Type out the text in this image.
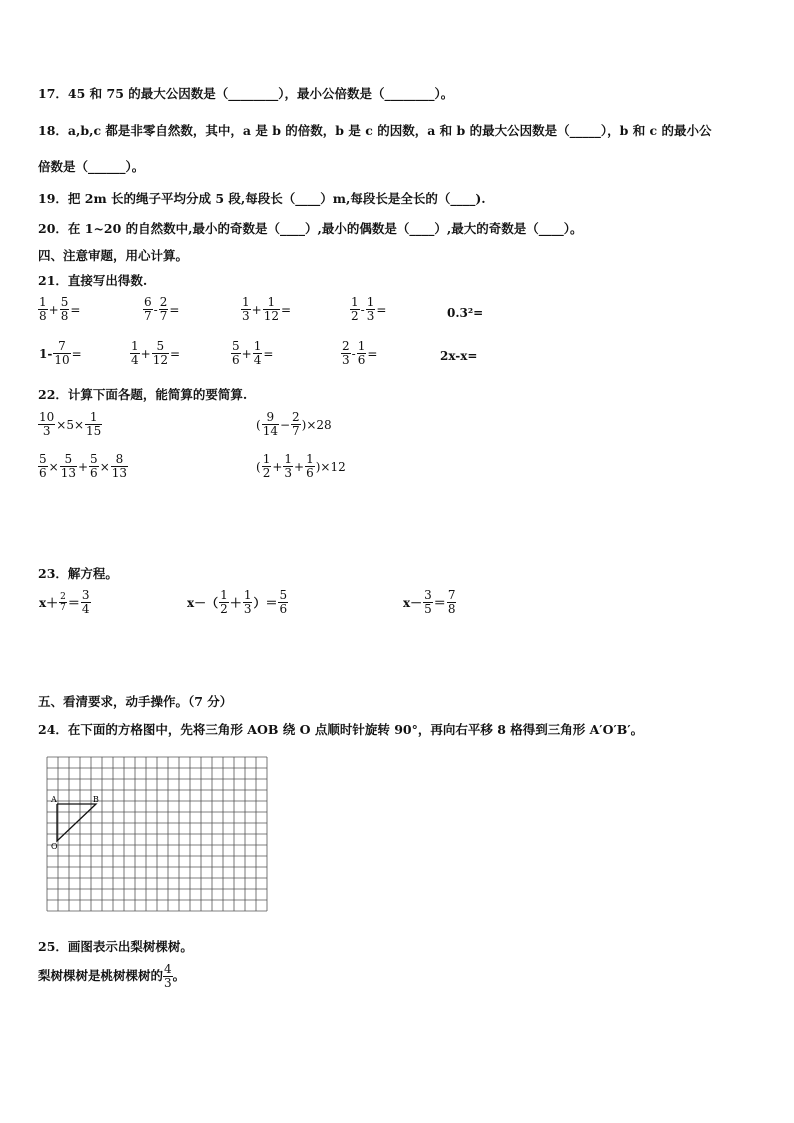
17．45 和 75 的最大公因数是（________），最小公倍数是（________）。
18．a,b,c 都是非零自然数，其中，a 是 b 的倍数，b 是 c 的因数，a 和 b 的最大公因数是（_____），b 和 c 的最小公
倍数是（______）。
19．把 2m 长的绳子平均分成 5 段,每段长（____）m,每段长是全长的（____).
20．在 1~20 的自然数中,最小的奇数是（____）,最小的偶数是（____）,最大的奇数是（____）。
四、注意审题，用心计算。
21．直接写出得数.
$\frac{1}{8} + \frac{5}{8}$ =	$\frac{6}{7} - \frac{2}{7}$ =	$\frac{1}{3} + \frac{1}{12}$ =	$\frac{1}{2} - \frac{1}{3}$ =	0.3²=
$1- \frac{7}{10}$ =	$\frac{1}{4} + \frac{5}{12}$ =	$\frac{5}{6} + \frac{1}{4}$ =	$\frac{2}{3} - \frac{1}{6}$ =	2x-x=
22．计算下面各题，能简算的要简算.
$\frac{10}{3} \times 5\times \frac{1}{15}$	( $\frac{9}{14} - \frac{2}{7} )\times 28$
$\frac{5}{6} \times \frac{5}{13} + \frac{5}{6} \times \frac{8}{13}$	( $\frac{1}{2} + \frac{1}{3} + \frac{1}{6} )\times 12$
23．解方程。
$x+ \frac{2}{7} = \frac{3}{4}$	$x-( \frac{1}{2} + \frac{1}{3}$ ）＝ $\frac{5}{6}$	$x- \frac{3}{5} = \frac{7}{8}$
五、看清要求，动手操作。（7 分）
24．在下面的方格图中，先将三角形 AOB 绕 O 点顺时针旋转 90°，再向右平移 8 格得到三角形 A′O′B′。
A	B
O
25．画图表示出梨树棵树。
梨树棵树是桃树棵树的 $\frac{4}{3}$ 。
